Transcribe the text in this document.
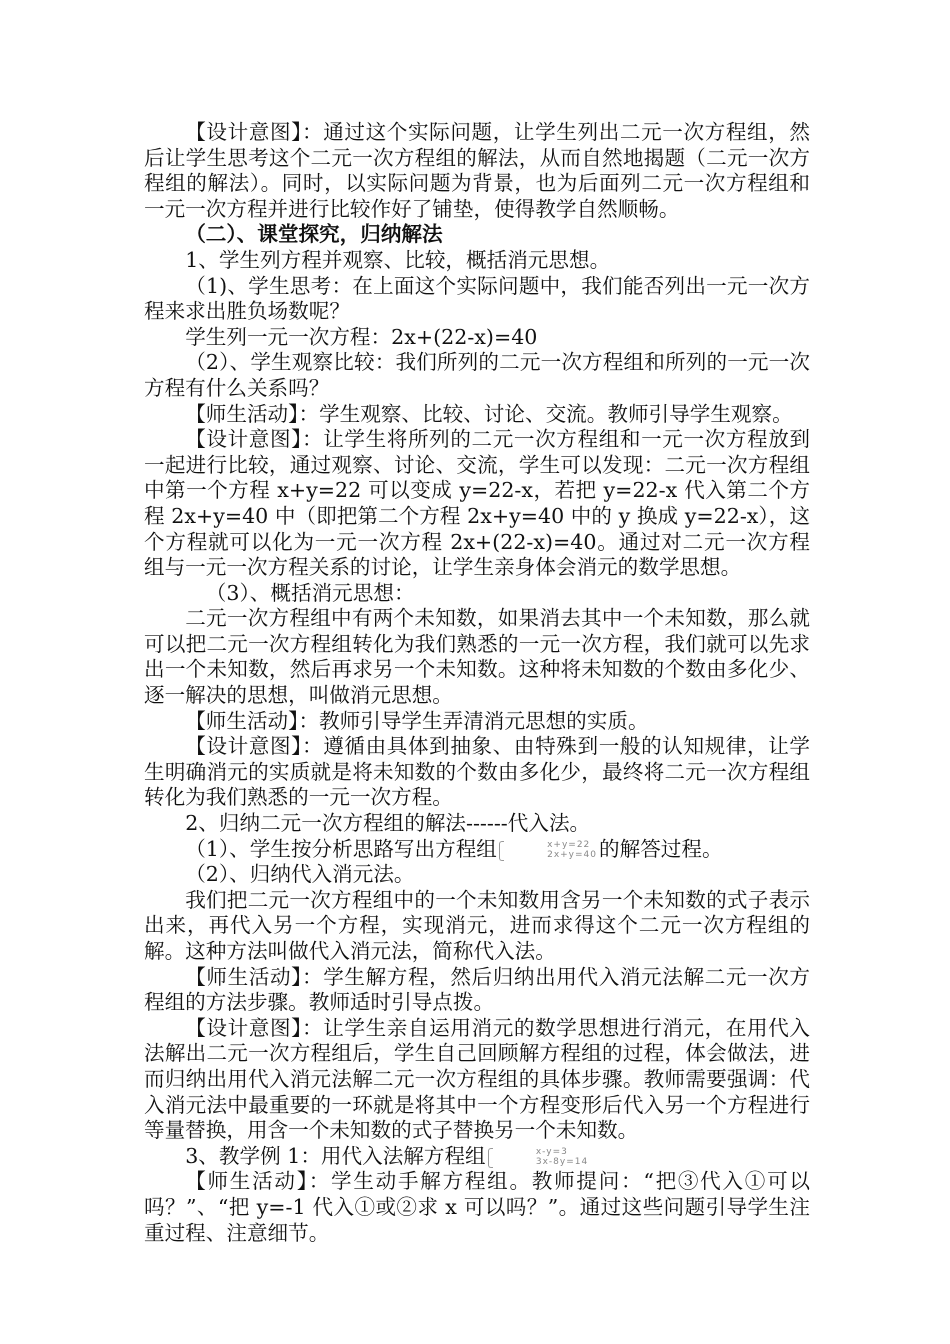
【设计意图】：通过这个实际问题，让学生列出二元一次方程组，然后让学生思考这个二元一次方程组的解法，从而自然地揭题（二元一次方程组的解法）。同时，以实际问题为背景，也为后面列二元一次方程组和一元一次方程并进行比较作好了铺垫，使得教学自然顺畅。

（二）、课堂探究，归纳解法

1、学生列方程并观察、比较，概括消元思想。

（1)、学生思考：在上面这个实际问题中，我们能否列出一元一次方程来求出胜负场数呢？

学生列一元一次方程：2x+(22-x)=40

（2）、学生观察比较：我们所列的二元一次方程组和所列的一元一次方程有什么关系吗？

【师生活动】：学生观察、比较、讨论、交流。教师引导学生观察。

【设计意图】：让学生将所列的二元一次方程组和一元一次方程放到一起进行比较，通过观察、讨论、交流，学生可以发现：二元一次方程组中第一个方程 x+y=22 可以变成 y=22-x，若把 y=22-x 代入第二个方程 2x+y=40 中（即把第二个方程 2x+y=40 中的 y 换成 y=22-x），这个方程就可以化为一元一次方程 2x+(22-x)=40。通过对二元一次方程组与一元一次方程关系的讨论，让学生亲身体会消元的数学思想。

（3）、概括消元思想：

二元一次方程组中有两个未知数，如果消去其中一个未知数，那么就可以把二元一次方程组转化为我们熟悉的一元一次方程，我们就可以先求出一个未知数，然后再求另一个未知数。这种将未知数的个数由多化少、逐一解决的思想，叫做消元思想。

【师生活动】：教师引导学生弄清消元思想的实质。

【设计意图】：遵循由具体到抽象、由特殊到一般的认知规律，让学生明确消元的实质就是将未知数的个数由多化少，最终将二元一次方程组转化为我们熟悉的一元一次方程。

2、归纳二元一次方程组的解法------代入法。

（1）、学生按分析思路写出方程组	x+y=22
2x+y=40 的解答过程。

（2）、归纳代入消元法。

我们把二元一次方程组中的一个未知数用含另一个未知数的式子表示出来，再代入另一个方程，实现消元，进而求得这个二元一次方程组的解。这种方法叫做代入消元法，简称代入法。

【师生活动】：学生解方程，然后归纳出用代入消元法解二元一次方程组的方法步骤。教师适时引导点拨。

【设计意图】：让学生亲自运用消元的数学思想进行消元，在用代入法解出二元一次方程组后，学生自己回顾解方程组的过程，体会做法，进而归纳出用代入消元法解二元一次方程组的具体步骤。教师需要强调：代入消元法中最重要的一环就是将其中一个方程变形后代入另一个方程进行等量替换，用含一个未知数的式子替换另一个未知数。

3、教学例 1：用代入法解方程组	x-y=3
3x-8y=14

【师生活动】：学生动手解方程组。教师提问：“把③代入①可以吗？”、“把 y=-1 代入①或②求 x 可以吗？”。通过这些问题引导学生注重过程、注意细节。
